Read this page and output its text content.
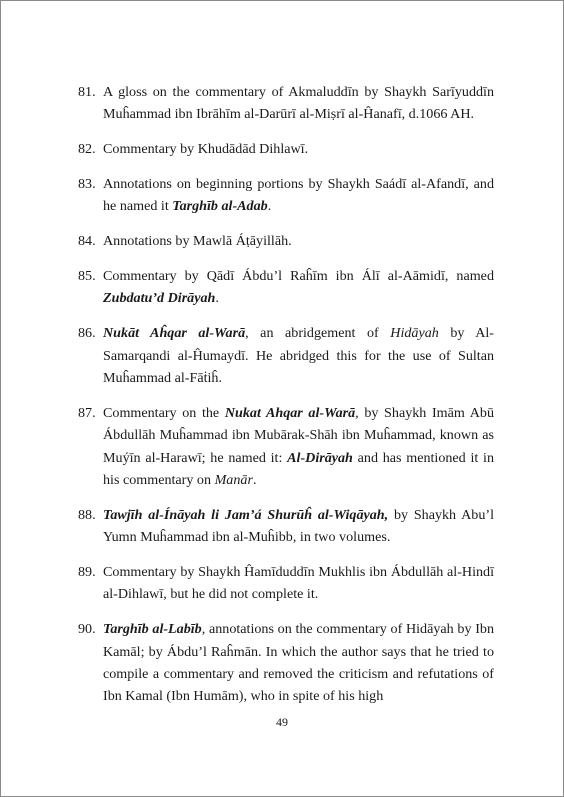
81. A gloss on the commentary of Akmaluddīn by Shaykh Sarīyuddīn Muĥammad ibn Ibrāhīm al-Darūrī al-Miṣrī al-Ĥanafī, d.1066 AH.
82. Commentary by Khudādād Dihlawī.
83. Annotations on beginning portions by Shaykh Saádī al-Afandī, and he named it Targhīb al-Adab.
84. Annotations by Mawlā Áṭāyillāh.
85. Commentary by Qādī Ábdu’l Raĥīm ibn Álī al-Aāmidī, named Zubdatu’d Dirāyah.
86. Nukāt Aĥqar al-Warā, an abridgement of Hidāyah by Al-Samarqandi al-Ĥumaydī. He abridged this for the use of Sultan Muĥammad al-Fāṫiĥ.
87. Commentary on the Nukat Ahqar al-Warā, by Shaykh Imām Abū Ábdullāh Muĥammad ibn Mubārak-Shāh ibn Muĥammad, known as Muýīn al-Harawī; he named it: Al-Dirāyah and has mentioned it in his commentary on Manār.
88. Tawjīh al-Ínāyah li Jam’á Shurūĥ al-Wiqāyah, by Shaykh Abu’l Yumn Muĥammad ibn al-Muĥibb, in two volumes.
89. Commentary by Shaykh Ĥamīduddīn Mukhlis ibn Ábdullāh al-Hindī al-Dihlawī, but he did not complete it.
90. Targhīb al-Labīb, annotations on the commentary of Hidāyah by Ibn Kamāl; by Ábdu’l Raĥmān. In which the author says that he tried to compile a commentary and removed the criticism and refutations of Ibn Kamal (Ibn Humām), who in spite of his high
49
